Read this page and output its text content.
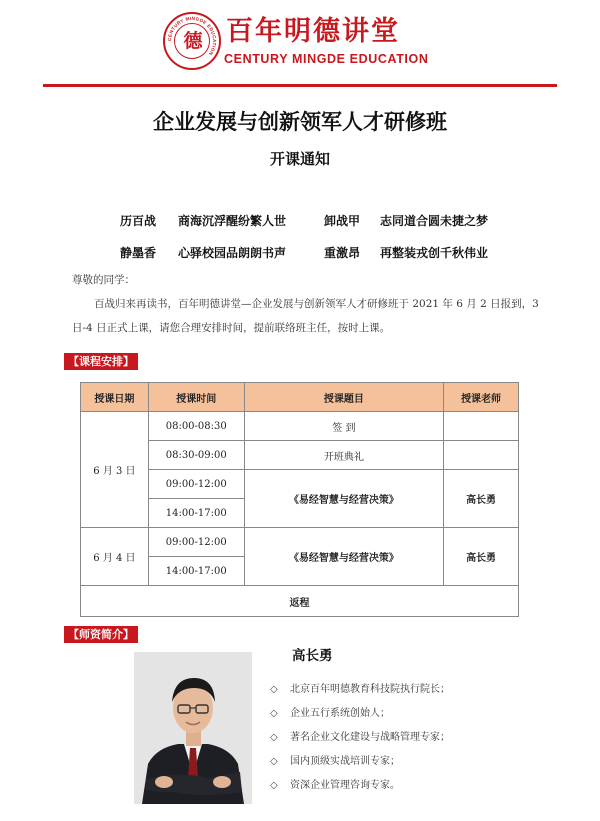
CENTURY MINGDE EDUCATION
德 百年明德讲堂
CENTURY MINGDE EDUCATION
企业发展与创新领军人才研修班
开课通知
历百战 商海沉浮醒纷繁人世	卸战甲 志同道合圆未捷之梦
静墨香 心驿校园品朗朗书声	重激昂 再整装戎创千秋伟业
尊敬的同学：
百战归来再读书，百年明德讲堂—企业发展与创新领军人才研修班于 2021 年 6 月 2 日报到，3
日-4 日正式上课，请您合理安排时间，提前联络班主任，按时上课。
【课程安排】
授课日期	授课时间	授课题目	授课老师
6 月 3 日	08:00-08:30	签 到	
	08:30-09:00	开班典礼	
	09:00-12:00	《易经智慧与经营决策》	高长勇
	14:00-17:00		
6 月 4 日	09:00-12:00	《易经智慧与经营决策》	高长勇
	14:00-17:00		
返程			
【师资简介】
高长勇
◇ 北京百年明德教育科技院执行院长；
◇ 企业五行系统创始人；
◇ 著名企业文化建设与战略管理专家；
◇ 国内顶级实战培训专家；
◇ 资深企业管理咨询专家。
